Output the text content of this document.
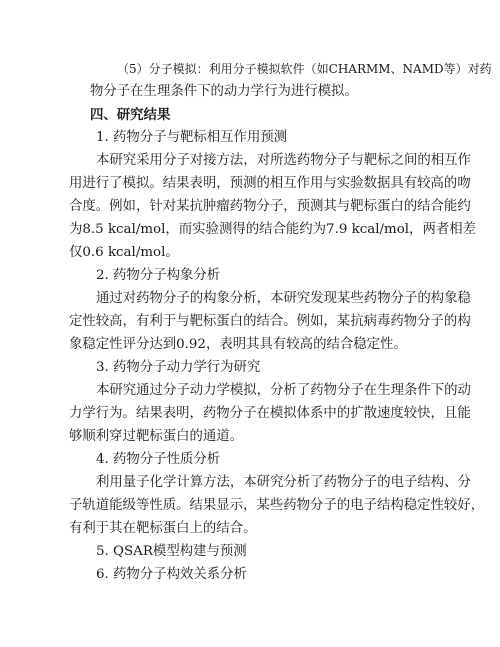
（5）分子模拟：利用分子模拟软件（如CHARMM、NAMD等）对药
物分子在生理条件下的动力学行为进行模拟。
四、研究结果
1. 药物分子与靶标相互作用预测
本研究采用分子对接方法，对所选药物分子与靶标之间的相互作
用进行了模拟。结果表明，预测的相互作用与实验数据具有较高的吻
合度。例如，针对某抗肿瘤药物分子，预测其与靶标蛋白的结合能约
为8.5 kcal/mol，而实验测得的结合能约为7.9 kcal/mol，两者相差
仅0.6 kcal/mol。
2. 药物分子构象分析
通过对药物分子的构象分析，本研究发现某些药物分子的构象稳
定性较高，有利于与靶标蛋白的结合。例如，某抗病毒药物分子的构
象稳定性评分达到0.92，表明其具有较高的结合稳定性。
3. 药物分子动力学行为研究
本研究通过分子动力学模拟，分析了药物分子在生理条件下的动
力学行为。结果表明，药物分子在模拟体系中的扩散速度较快，且能
够顺利穿过靶标蛋白的通道。
4. 药物分子性质分析
利用量子化学计算方法，本研究分析了药物分子的电子结构、分
子轨道能级等性质。结果显示，某些药物分子的电子结构稳定性较好，
有利于其在靶标蛋白上的结合。
5. QSAR模型构建与预测
6. 药物分子构效关系分析
